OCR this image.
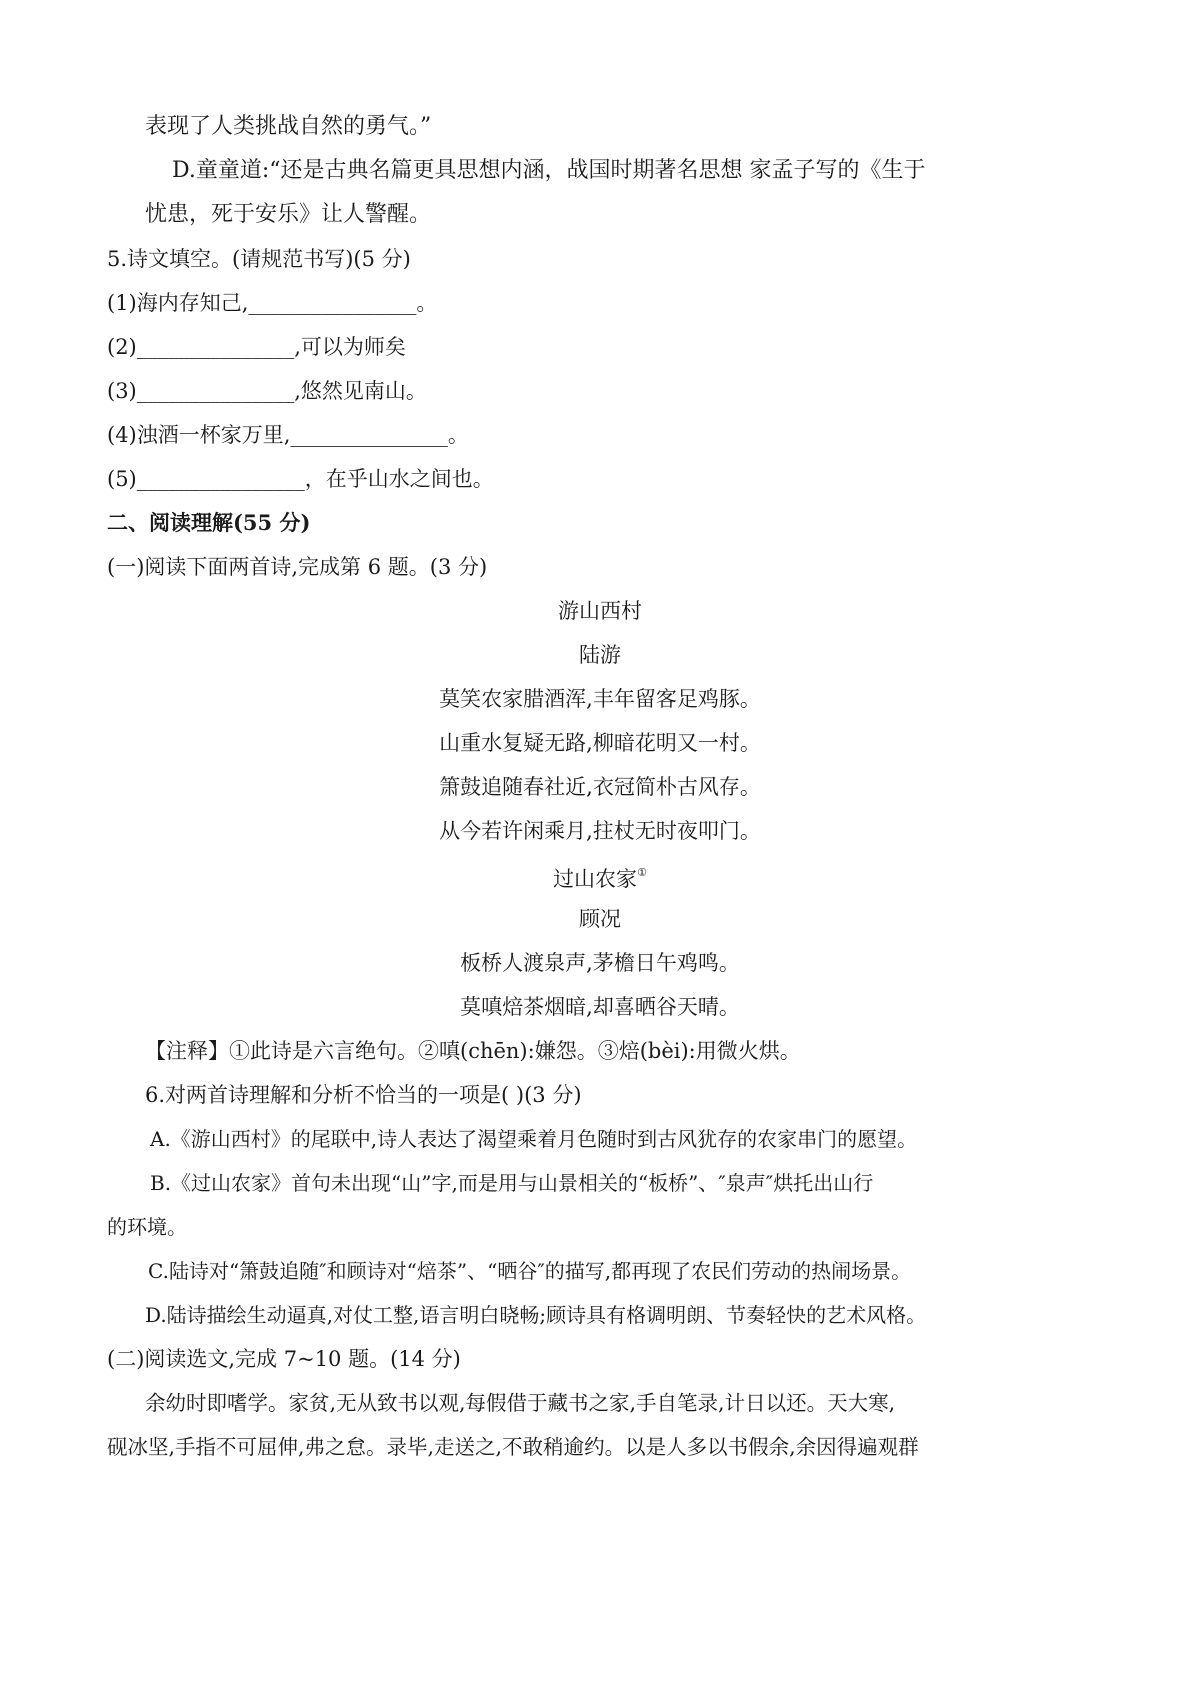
表现了人类挑战自然的勇气。”
D.童童道:“还是古典名篇更具思想内涵，战国时期著名思想 家孟子写的《生于
忧患，死于安乐》让人警醒。
5.诗文填空。(请规范书写)(5 分)
(1)海内存知己,________________。
(2)_______________,可以为师矣
(3)_______________,悠然见南山。
(4)浊酒一杯家万里,_______________。
(5)________________，在乎山水之间也。
二、阅读理解(55 分)
(一)阅读下面两首诗,完成第 6 题。(3 分)
游山西村
陆游
莫笑农家腊酒浑,丰年留客足鸡豚。
山重水复疑无路,柳暗花明又一村。
箫鼓追随春社近,衣冠简朴古风存。
从今若许闲乘月,拄杖无时夜叩门。
过山农家①
顾况
板桥人渡泉声,茅檐日午鸡鸣。
莫嗔焙茶烟暗,却喜晒谷天晴。
【注释】①此诗是六言绝句。②嗔(chēn):嫌怨。③焙(bèi):用微火烘。
6.对两首诗理解和分析不恰当的一项是( )(3 分)
A.《游山西村》的尾联中,诗人表达了渴望乘着月色随时到古风犹存的农家串门的愿望。
B.《过山农家》首句未出现“山”字,而是用与山景相关的“板桥”、″泉声″烘托出山行
的环境。
C.陆诗对“箫鼓追随″和顾诗对“焙茶”、“晒谷″的描写,都再现了农民们劳动的热闹场景。
D.陆诗描绘生动逼真,对仗工整,语言明白晓畅;顾诗具有格调明朗、节奏轻快的艺术风格。
(二)阅读选文,完成 7~10 题。(14 分)
余幼时即嗜学。家贫,无从致书以观,每假借于藏书之家,手自笔录,计日以还。天大寒,
砚冰坚,手指不可屈伸,弗之怠。录毕,走送之,不敢稍逾约。以是人多以书假余,余因得遍观群
